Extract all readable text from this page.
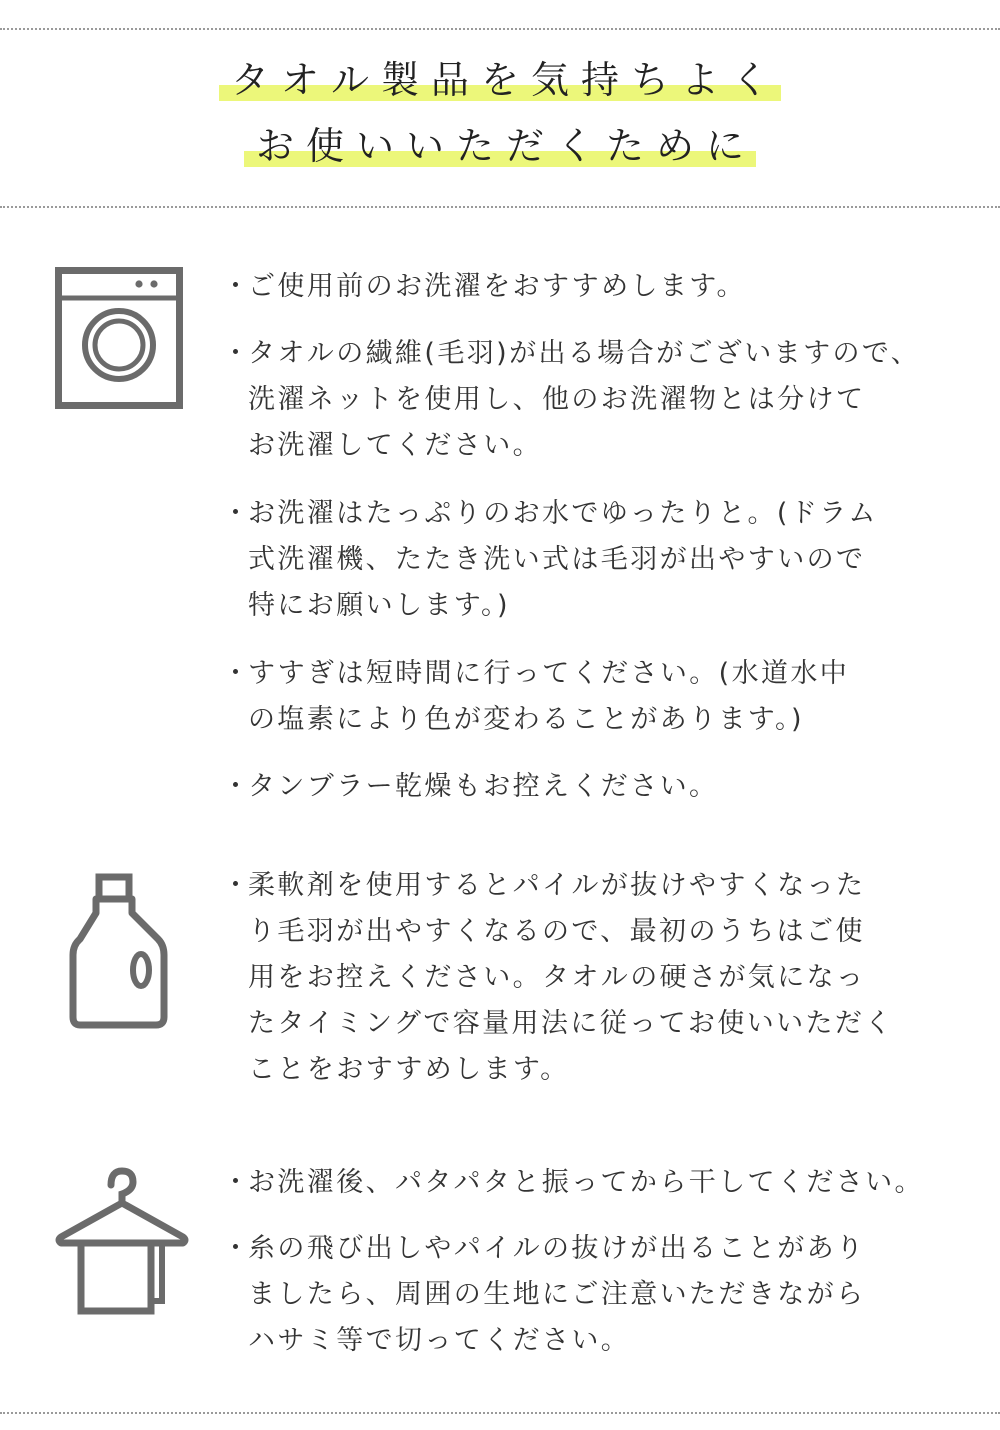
タオル製品を気持ちよく
お使いいただくために
・ご使用前のお洗濯をおすすめします。
・タオルの繊維(毛羽)が出る場合がございますので、
洗濯ネットを使用し、他のお洗濯物とは分けて
お洗濯してください。
・お洗濯はたっぷりのお水でゆったりと。(ドラム
式洗濯機、たたき洗い式は毛羽が出やすいので
特にお願いします。)
・すすぎは短時間に行ってください。(水道水中
の塩素により色が変わることがあります。)
・タンブラー乾燥もお控えください。
・柔軟剤を使用するとパイルが抜けやすくなった
り毛羽が出やすくなるので、最初のうちはご使
用をお控えください。タオルの硬さが気になっ
たタイミングで容量用法に従ってお使いいただく
ことをおすすめします。
・お洗濯後、パタパタと振ってから干してください。
・糸の飛び出しやパイルの抜けが出ることがあり
ましたら、周囲の生地にご注意いただきながら
ハサミ等で切ってください。
